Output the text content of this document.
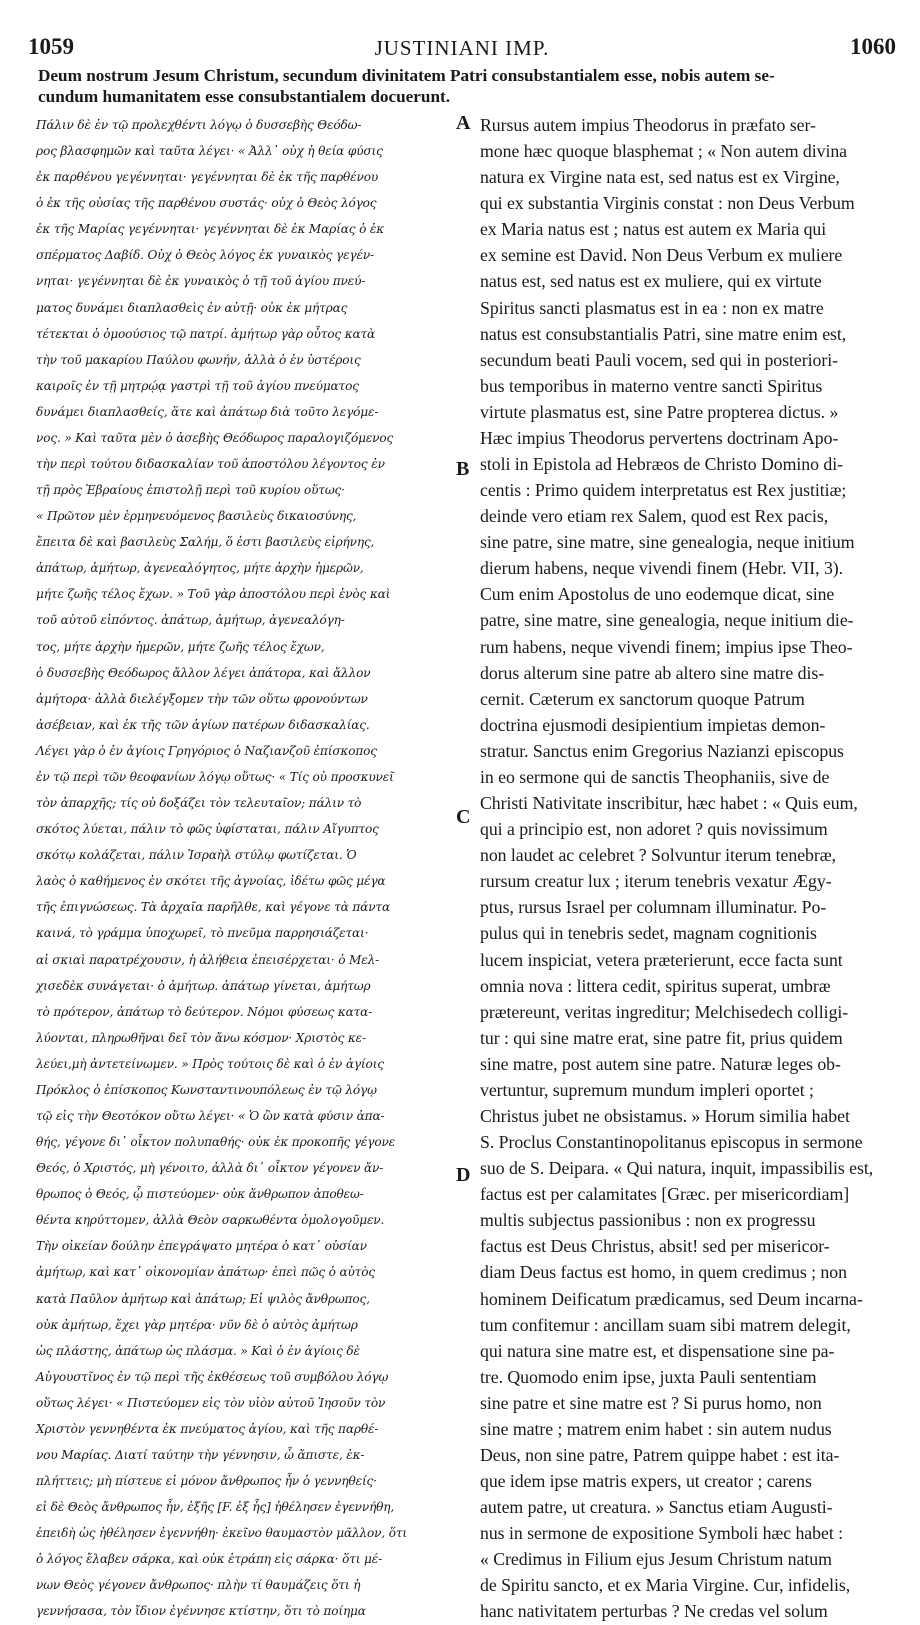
1059	JUSTINIANI IMP.	1060
Deum nostrum Jesum Christum, secundum divinitatem Patri consubstantialem esse, nobis autem se-
cundum humanitatem esse consubstantialem docuerunt.
Πάλιν δὲ ἐν τῷ προλεχθέντι λόγῳ ὁ δυσσεβὴς Θεόδω-
ρος βλασφημῶν καὶ ταῦτα λέγει· « Ἀλλ᾽ οὐχ ἡ θεία φύσις
ἐκ παρθένου γεγέννηται· γεγέννηται δὲ ἐκ τῆς παρθένου
ὁ ἐκ τῆς οὐσίας τῆς παρθένου συστάς· οὐχ ὁ Θεὸς λόγος
ἐκ τῆς Μαρίας γεγέννηται· γεγέννηται δὲ ἐκ Μαρίας ὁ ἐκ
σπέρματος Δαβίδ. Οὐχ ὁ Θεὸς λόγος ἐκ γυναικὸς γεγέν-
νηται· γεγέννηται δὲ ἐκ γυναικὸς ὁ τῇ τοῦ ἁγίου πνεύ-
ματος δυνάμει διαπλασθεὶς ἐν αὐτῇ· οὐκ ἐκ μήτρας
τέτεκται ὁ ὁμοούσιος τῷ πατρί. ἀμήτωρ γὰρ οὗτος κατὰ
τὴν τοῦ μακαρίου Παύλου φωνήν, ἀλλὰ ὁ ἐν ὑστέροις
καιροῖς ἐν τῇ μητρῴᾳ γαστρὶ τῇ τοῦ ἁγίου πνεύματος
δυνάμει διαπλασθείς, ἅτε καὶ ἀπάτωρ διὰ τοῦτο λεγόμε-
νος. » Καὶ ταῦτα μὲν ὁ ἀσεβὴς Θεόδωρος παραλογιζόμενος
τὴν περὶ τούτου διδασκαλίαν τοῦ ἀποστόλου λέγοντος ἐν
τῇ πρὸς Ἑβραίους ἐπιστολῇ περὶ τοῦ κυρίου οὕτως·
« Πρῶτον μὲν ἑρμηνευόμενος βασιλεὺς δικαιοσύνης,
ἔπειτα δὲ καὶ βασιλεὺς Σαλήμ, ὅ ἐστι βασιλεὺς εἰρήνης,
ἀπάτωρ, ἀμήτωρ, ἀγενεαλόγητος, μήτε ἀρχὴν ἡμερῶν,
μήτε ζωῆς τέλος ἔχων. » Τοῦ γὰρ ἀποστόλου περὶ ἑνὸς καὶ
τοῦ αὐτοῦ εἰπόντος. ἀπάτωρ, ἀμήτωρ, ἀγενεαλόγη-
τος, μήτε ἀρχὴν ἡμερῶν, μήτε ζωῆς τέλος ἔχων,
ὁ δυσσεβὴς Θεόδωρος ἄλλον λέγει ἀπάτορα, καὶ ἄλλον
ἀμήτορα· ἀλλὰ διελέγξομεν τὴν τῶν οὕτω φρονούντων
ἀσέβειαν, καὶ ἐκ τῆς τῶν ἁγίων πατέρων διδασκαλίας.
Λέγει γὰρ ὁ ἐν ἁγίοις Γρηγόριος ὁ Ναζιανζοῦ ἐπίσκοπος
ἐν τῷ περὶ τῶν θεοφανίων λόγῳ οὕτως· « Τίς οὐ προσκυνεῖ
τὸν ἀπαρχῆς; τίς οὐ δοξάζει τὸν τελευταῖον; πάλιν τὸ
σκότος λύεται, πάλιν τὸ φῶς ὑφίσταται, πάλιν Αἴγυπτος
σκότῳ κολάζεται, πάλιν Ἰσραὴλ στύλῳ φωτίζεται. Ὁ
λαὸς ὁ καθήμενος ἐν σκότει τῆς ἀγνοίας, ἰδέτω φῶς μέγα
τῆς ἐπιγνώσεως. Τὰ ἀρχαῖα παρῆλθε, καὶ γέγονε τὰ πάντα
καινά, τὸ γράμμα ὑποχωρεῖ, τὸ πνεῦμα παρρησιάζεται·
αἱ σκιαὶ παρατρέχουσιν, ἡ ἀλήθεια ἐπεισέρχεται· ὁ Μελ-
χισεδὲκ συνάγεται· ὁ ἀμήτωρ. ἀπάτωρ γίνεται, ἀμήτωρ
τὸ πρότερον, ἀπάτωρ τὸ δεύτερον. Νόμοι φύσεως κατα-
λύονται, πληρωθῆναι δεῖ τὸν ἄνω κόσμον· Χριστὸς κε-
λεύει,μὴ ἀντετείνωμεν. » Πρὸς τούτοις δὲ καὶ ὁ ἐν ἁγίοις
Πρόκλος ὁ ἐπίσκοπος Κωνσταντινουπόλεως ἐν τῷ λόγῳ
τῷ εἰς τὴν Θεοτόκον οὕτω λέγει· « Ὁ ὢν κατὰ φύσιν ἀπα-
θής, γέγονε δι᾽ οἶκτον πολυπαθής· οὐκ ἐκ προκοπῆς γέγονε
Θεός, ὁ Χριστός, μὴ γένοιτο, ἀλλὰ δι᾽ οἶκτον γέγονεν ἄν-
θρωπος ὁ Θεός, ᾧ πιστεύομεν· οὐκ ἄνθρωπον ἀποθεω-
θέντα κηρύττομεν, ἀλλὰ Θεὸν σαρκωθέντα ὁμολογοῦμεν.
Τὴν οἰκείαν δούλην ἐπεγράψατο μητέρα ὁ κατ᾽ οὐσίαν
ἀμήτωρ, καὶ κατ᾽ οἰκονομίαν ἀπάτωρ· ἐπεὶ πῶς ὁ αὐτὸς
κατὰ Παῦλον ἀμήτωρ καὶ ἀπάτωρ; Εἰ ψιλὸς ἄνθρωπος,
οὐκ ἀμήτωρ, ἔχει γὰρ μητέρα· νῦν δὲ ὁ αὐτὸς ἀμήτωρ
ὡς πλάστης, ἀπάτωρ ὡς πλάσμα. » Καὶ ὁ ἐν ἁγίοις δὲ
Αὐγουστῖνος ἐν τῷ περὶ τῆς ἐκθέσεως τοῦ συμβόλου λόγῳ
οὕτως λέγει· « Πιστεύομεν εἰς τὸν υἱὸν αὐτοῦ Ἰησοῦν τὸν
Χριστὸν γεννηθέντα ἐκ πνεύματος ἁγίου, καὶ τῆς παρθέ-
νου Μαρίας. Διατί ταύτην τὴν γέννησιν, ὦ ἄπιστε, ἐκ-
πλήττεις; μὴ πίστευε εἰ μόνον ἄνθρωπος ἦν ὁ γεννηθείς·
εἰ δὲ Θεὸς ἄνθρωπος ἦν, ἐξῆς [F. ἐξ ἧς] ἠθέλησεν ἐγεννήθη,
ἐπειδὴ ὡς ἠθέλησεν ἐγεννήθη· ἐκεῖνο θαυμαστὸν μᾶλλον, ὅτι
ὁ λόγος ἔλαβεν σάρκα, καὶ οὐκ ἐτράπη εἰς σάρκα· ὅτι μέ-
νων Θεὸς γέγονεν ἄνθρωπος· πλὴν τί θαυμάζεις ὅτι ἡ
γεννήσασα, τὸν ἴδιον ἐγέννησε κτίστην, ὅτι τὸ ποίημα
A
B
C
D
Rursus autem impius Theodorus in præfato ser-
mone hæc quoque blasphemat ; « Non autem divina
natura ex Virgine nata est, sed natus est ex Virgine,
qui ex substantia Virginis constat : non Deus Verbum
ex Maria natus est ; natus est autem ex Maria qui
ex semine est David. Non Deus Verbum ex muliere
natus est, sed natus est ex muliere, qui ex virtute
Spiritus sancti plasmatus est in ea : non ex matre
natus est consubstantialis Patri, sine matre enim est,
secundum beati Pauli vocem, sed qui in posteriori-
bus temporibus in materno ventre sancti Spiritus
virtute plasmatus est, sine Patre propterea dictus. »
Hæc impius Theodorus pervertens doctrinam Apo-
stoli in Epistola ad Hebræos de Christo Domino di-
centis : Primo quidem interpretatus est Rex justitiæ;
deinde vero etiam rex Salem, quod est Rex pacis,
sine patre, sine matre, sine genealogia, neque initium
dierum habens, neque vivendi finem (Hebr. VII, 3).
Cum enim Apostolus de uno eodemque dicat, sine
patre, sine matre, sine genealogia, neque initium die-
rum habens, neque vivendi finem; impius ipse Theo-
dorus alterum sine patre ab altero sine matre dis-
cernit. Cæterum ex sanctorum quoque Patrum
doctrina ejusmodi desipientium impietas demon-
stratur. Sanctus enim Gregorius Nazianzi episcopus
in eo sermone qui de sanctis Theophaniis, sive de
Christi Nativitate inscribitur, hæc habet : « Quis eum,
qui a principio est, non adoret ? quis novissimum
non laudet ac celebret ? Solvuntur iterum tenebræ,
rursum creatur lux ; iterum tenebris vexatur Ægy-
ptus, rursus Israel per columnam illuminatur. Po-
pulus qui in tenebris sedet, magnam cognitionis
lucem inspiciat, vetera præterierunt, ecce facta sunt
omnia nova : littera cedit, spiritus superat, umbræ
prætereunt, veritas ingreditur; Melchisedech colligi-
tur : qui sine matre erat, sine patre fit, prius quidem
sine matre, post autem sine patre. Naturæ leges ob-
vertuntur, supremum mundum impleri oportet ;
Christus jubet ne obsistamus. » Horum similia habet
S. Proclus Constantinopolitanus episcopus in sermone
suo de S. Deipara. « Qui natura, inquit, impassibilis est,
factus est per calamitates [Græc. per misericordiam]
multis subjectus passionibus : non ex progressu
factus est Deus Christus, absit! sed per misericor-
diam Deus factus est homo, in quem credimus ; non
hominem Deificatum prædicamus, sed Deum incarna-
tum confitemur : ancillam suam sibi matrem delegit,
qui natura sine matre est, et dispensatione sine pa-
tre. Quomodo enim ipse, juxta Pauli sententiam
sine patre et sine matre est ? Si purus homo, non
sine matre ; matrem enim habet : sin autem nudus
Deus, non sine patre, Patrem quippe habet : est ita-
que idem ipse matris expers, ut creator ; carens
autem patre, ut creatura. » Sanctus etiam Augusti-
nus in sermone de expositione Symboli hæc habet :
« Credimus in Filium ejus Jesum Christum natum
de Spiritu sancto, et ex Maria Virgine. Cur, infidelis,
hanc nativitatem perturbas ? Ne credas vel solum
